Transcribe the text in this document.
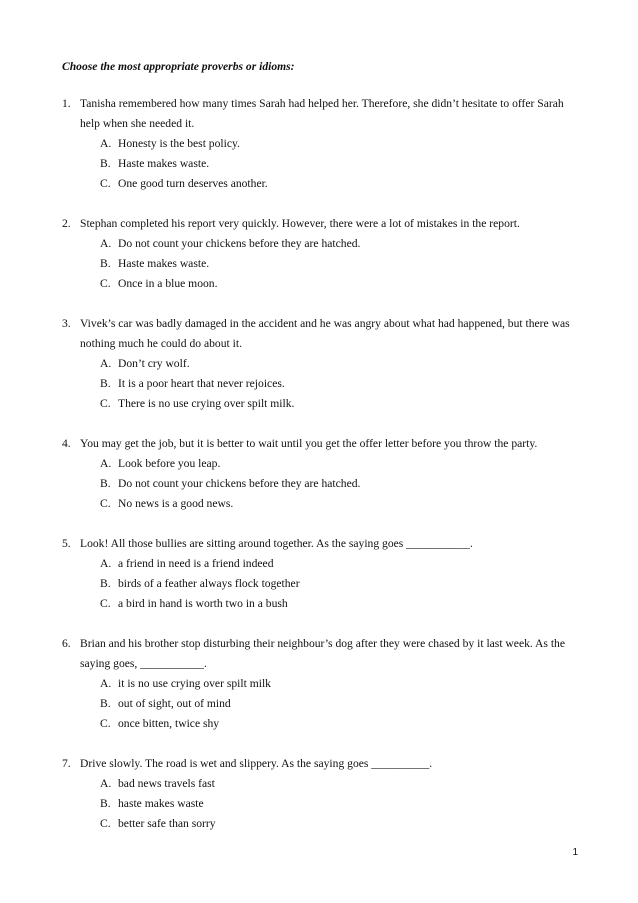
Choose the most appropriate proverbs or idioms:
1. Tanisha remembered how many times Sarah had helped her. Therefore, she didn’t hesitate to offer Sarah help when she needed it.
A. Honesty is the best policy.
B. Haste makes waste.
C. One good turn deserves another.
2. Stephan completed his report very quickly. However, there were a lot of mistakes in the report.
A. Do not count your chickens before they are hatched.
B. Haste makes waste.
C. Once in a blue moon.
3. Vivek’s car was badly damaged in the accident and he was angry about what had happened, but there was nothing much he could do about it.
A. Don’t cry wolf.
B. It is a poor heart that never rejoices.
C. There is no use crying over spilt milk.
4. You may get the job, but it is better to wait until you get the offer letter before you throw the party.
A. Look before you leap.
B. Do not count your chickens before they are hatched.
C. No news is a good news.
5. Look! All those bullies are sitting around together. As the saying goes ___________.
A. a friend in need is a friend indeed
B. birds of a feather always flock together
C. a bird in hand is worth two in a bush
6. Brian and his brother stop disturbing their neighbour’s dog after they were chased by it last week. As the saying goes, ___________.
A. it is no use crying over spilt milk
B. out of sight, out of mind
C. once bitten, twice shy
7. Drive slowly. The road is wet and slippery. As the saying goes __________.
A. bad news travels fast
B. haste makes waste
C. better safe than sorry
1
